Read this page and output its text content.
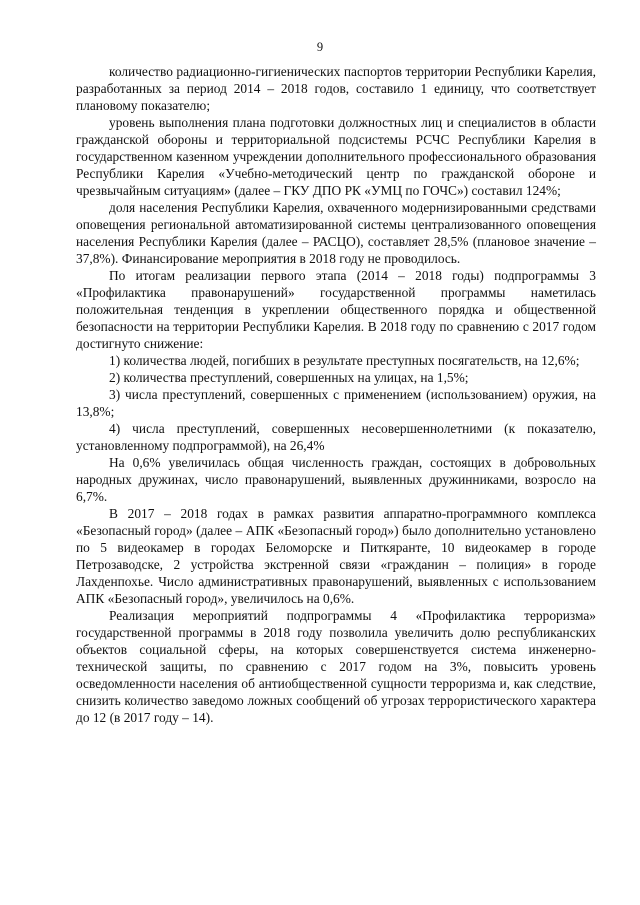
9

количество радиационно-гигиенических паспортов территории Республики Карелия, разработанных за период 2014 – 2018 годов, составило 1 единицу, что соответствует плановому показателю;

уровень выполнения плана подготовки должностных лиц и специалистов в области гражданской обороны и территориальной подсистемы РСЧС Республики Карелия в государственном казенном учреждении дополнительного профессионального образования Республики Карелия «Учебно-методический центр по гражданской обороне и чрезвычайным ситуациям» (далее – ГКУ ДПО РК «УМЦ по ГОЧС») составил 124%;

доля населения Республики Карелия, охваченного модернизированными средствами оповещения региональной автоматизированной системы централизованного оповещения населения Республики Карелия (далее – РАСЦО), составляет 28,5% (плановое значение – 37,8%). Финансирование мероприятия в 2018 году не проводилось.

По итогам реализации первого этапа (2014 – 2018 годы) подпрограммы 3 «Профилактика правонарушений» государственной программы наметилась положительная тенденция в укреплении общественного порядка и общественной безопасности на территории Республики Карелия. В 2018 году по сравнению с 2017 годом достигнуто снижение:

1) количества людей, погибших в результате преступных посягательств, на 12,6%;

2) количества преступлений, совершенных на улицах, на 1,5%;

3) числа преступлений, совершенных с применением (использованием) оружия, на 13,8%;

4) числа преступлений, совершенных несовершеннолетними (к показателю, установленному подпрограммой), на 26,4%

На 0,6% увеличилась общая численность граждан, состоящих в добровольных народных дружинах, число правонарушений, выявленных дружинниками, возросло на 6,7%.

В 2017 – 2018 годах в рамках развития аппаратно-программного комплекса «Безопасный город» (далее – АПК «Безопасный город») было дополнительно установлено по 5 видеокамер в городах Беломорске и Питкяранте, 10 видеокамер в городе Петрозаводске, 2 устройства экстренной связи «гражданин – полиция» в городе Лахденпохье. Число административных правонарушений, выявленных с использованием АПК «Безопасный город», увеличилось на 0,6%.

Реализация мероприятий подпрограммы 4 «Профилактика терроризма» государственной программы в 2018 году позволила увеличить долю республиканских объектов социальной сферы, на которых совершенствуется система инженерно-технической защиты, по сравнению с 2017 годом на 3%, повысить уровень осведомленности населения об антиобщественной сущности терроризма и, как следствие, снизить количество заведомо ложных сообщений об угрозах террористического характера до 12 (в 2017 году – 14).
